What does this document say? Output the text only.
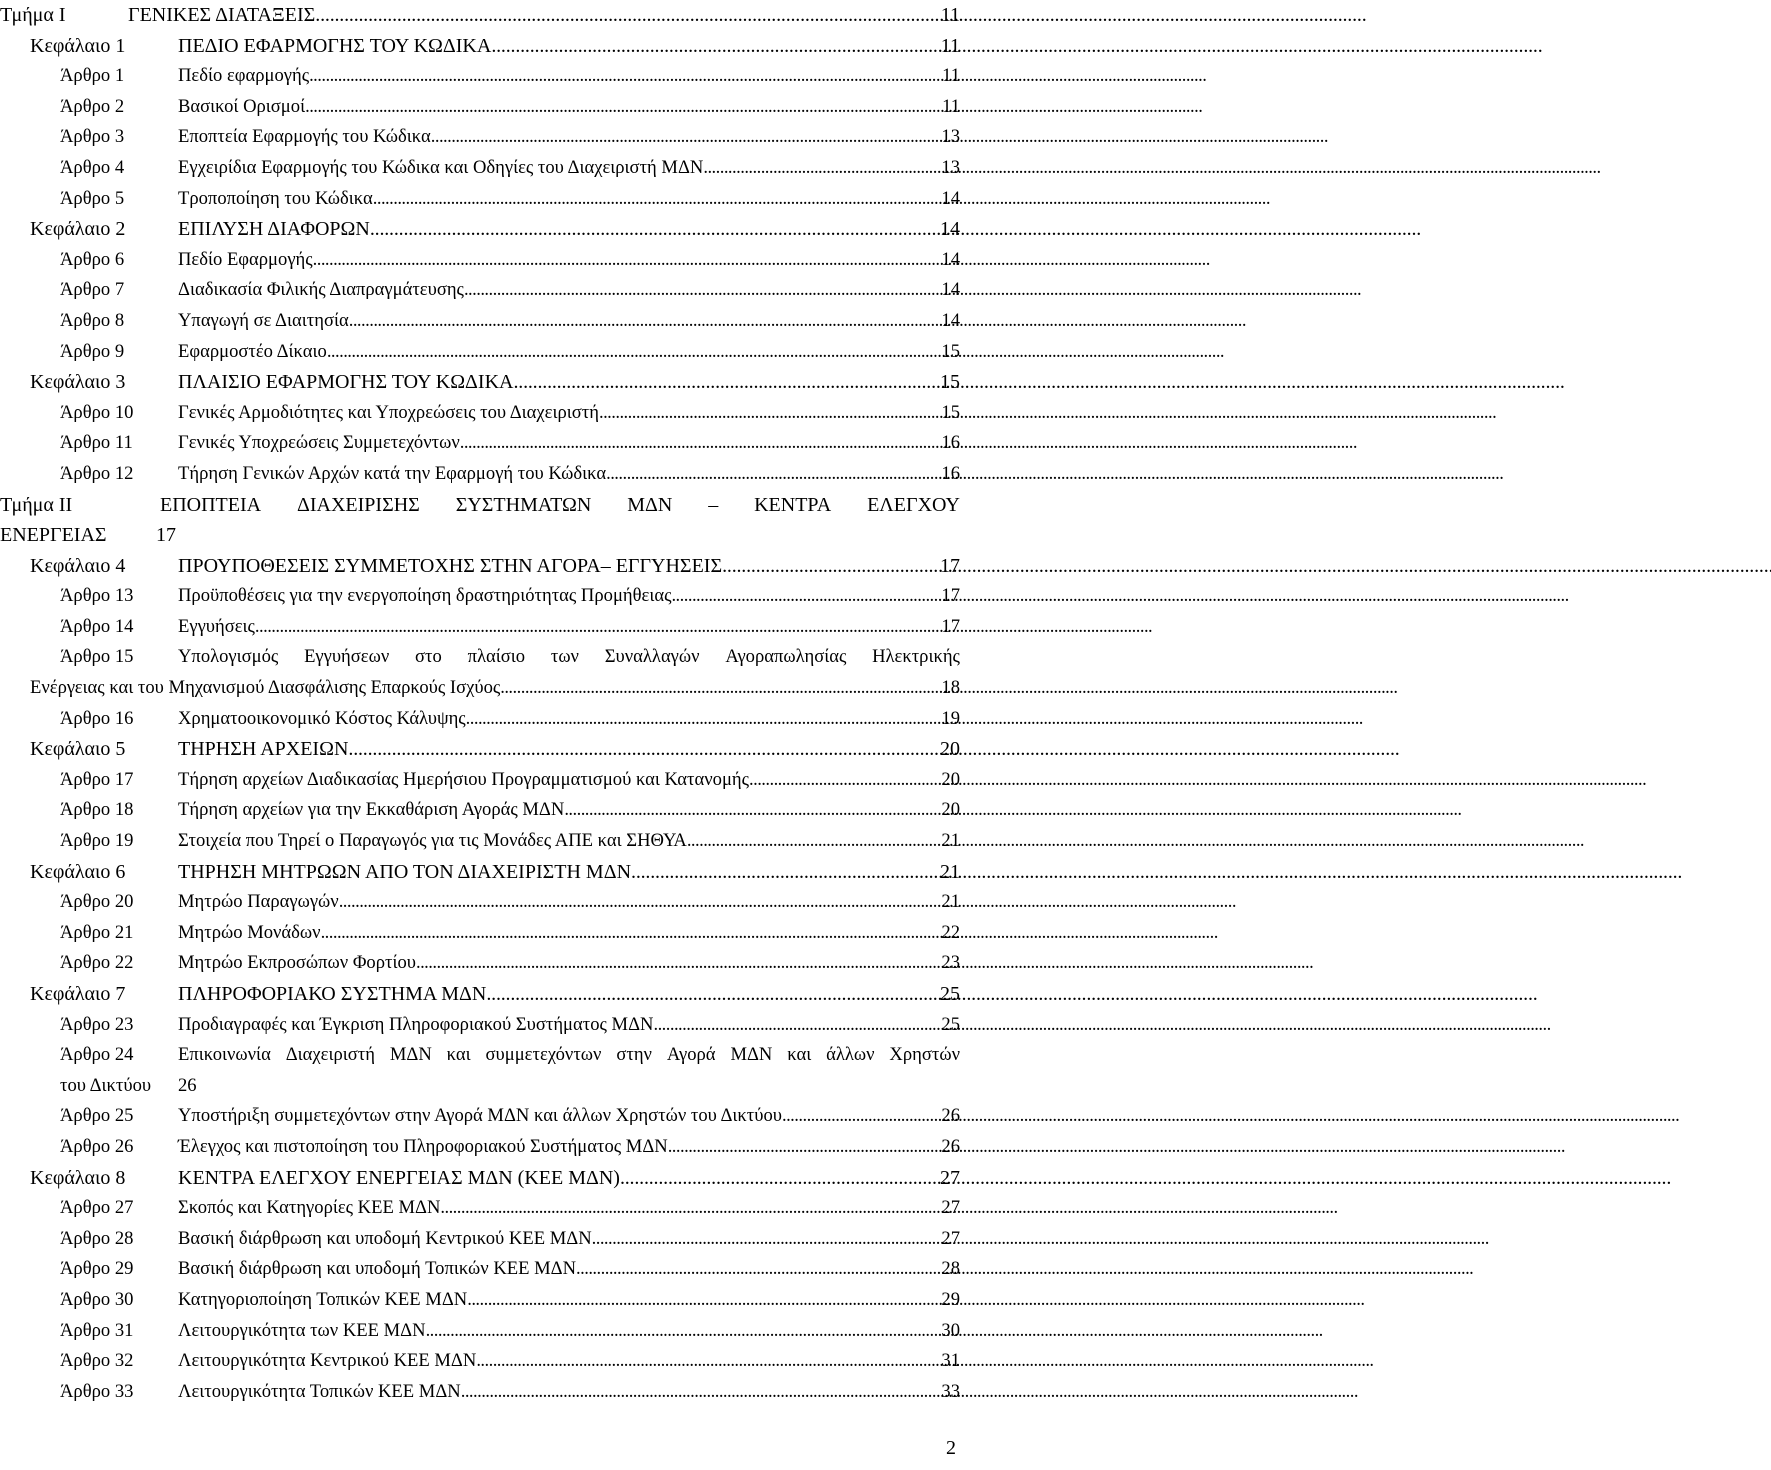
Τμήμα Ι	ΓΕΝΙΚΕΣ ΔΙΑΤΑΞΕΙΣ . . .	11
Κεφάλαιο 1	ΠΕΔΙΟ ΕΦΑΡΜΟΓΗΣ ΤΟΥ ΚΩΔΙΚΑ . . .	11
Άρθρο 1	Πεδίο εφαρμογής . . .	11
Άρθρο 2	Βασικοί Ορισμοί . . .	11
Άρθρο 3	Εποπτεία Εφαρμογής του Κώδικα . . .	13
Άρθρο 4	Εγχειρίδια Εφαρμογής του Κώδικα και Οδηγίες του Διαχειριστή ΜΔΝ . . .	13
Άρθρο 5	Τροποποίηση του Κώδικα . . .	14
Κεφάλαιο 2	ΕΠΙΛΥΣΗ ΔΙΑΦΟΡΩΝ . . .	14
Άρθρο 6	Πεδίο Εφαρμογής . . .	14
Άρθρο 7	Διαδικασία Φιλικής Διαπραγμάτευσης . . .	14
Άρθρο 8	Υπαγωγή σε Διαιτησία . . .	14
Άρθρο 9	Εφαρμοστέο Δίκαιο . . .	15
Κεφάλαιο 3	ΠΛΑΙΣΙΟ ΕΦΑΡΜΟΓΗΣ ΤΟΥ ΚΩΔΙΚΑ . . .	15
Άρθρο 10 Γενικές Αρμοδιότητες και Υποχρεώσεις του Διαχειριστή . . .	15
Άρθρο 11 Γενικές Υποχρεώσεις Συμμετεχόντων . . .	16
Άρθρο 12 Τήρηση Γενικών Αρχών κατά την Εφαρμογή του Κώδικα . . .	16
Τμήμα ΙΙ	ΕΠΟΠΤΕΙΑ ΔΙΑΧΕΙΡΙΣΗΣ ΣΥΣΤΗΜΑΤΩΝ ΜΔΝ – ΚΕΝΤΡΑ ΕΛΕΓΧΟΥ
ΕΝΕΡΓΕΙΑΣ 17
Κεφάλαιο 4	ΠΡΟΥΠΟΘΕΣΕΙΣ ΣΥΜΜΕΤΟΧΗΣ ΣΤΗΝ ΑΓΟΡΑ– ΕΓΓΥΗΣΕΙΣ . . .	17
Άρθρο 13 Προϋποθέσεις για την ενεργοποίηση δραστηριότητας Προμήθειας . . .	17
Άρθρο 14 Εγγυήσεις . . .	17
Άρθρο 15 Υπολογισμός Εγγυήσεων στο πλαίσιο των Συναλλαγών Αγοραπωλησίας Ηλεκτρικής
Ενέργειας και του Μηχανισμού Διασφάλισης Επαρκούς Ισχύος . . .	18
Άρθρο 16 Χρηματοοικονομικό Κόστος Κάλυψης . . .	19
Κεφάλαιο 5	ΤΗΡΗΣΗ ΑΡΧΕΙΩΝ . . .	20
Άρθρο 17 Τήρηση αρχείων Διαδικασίας Ημερήσιου Προγραμματισμού και Κατανομής . . .	20
Άρθρο 18 Τήρηση αρχείων για την Εκκαθάριση Αγοράς ΜΔΝ . . .	20
Άρθρο 19 Στοιχεία που Τηρεί ο Παραγωγός για τις Μονάδες ΑΠΕ και ΣΗΘΥΑ . . .	21
Κεφάλαιο 6	ΤΗΡΗΣΗ ΜΗΤΡΩΩΝ ΑΠΟ ΤΟΝ ΔΙΑΧΕΙΡΙΣΤΗ ΜΔΝ . . .	21
Άρθρο 20 Μητρώο Παραγωγών . . .	21
Άρθρο 21 Μητρώο Μονάδων . . .	22
Άρθρο 22 Μητρώο Εκπροσώπων Φορτίου . . .	23
Κεφάλαιο 7	ΠΛΗΡΟΦΟΡΙΑΚΟ ΣΥΣΤΗΜΑ ΜΔΝ . . .	25
Άρθρο 23 Προδιαγραφές και Έγκριση Πληροφοριακού Συστήματος ΜΔΝ . . .	25
Άρθρο 24 Επικοινωνία Διαχειριστή ΜΔΝ και συμμετεχόντων στην Αγορά ΜΔΝ και άλλων Χρηστών
του Δικτύου 26
Άρθρο 25 Υποστήριξη συμμετεχόντων στην Αγορά ΜΔΝ και άλλων Χρηστών του Δικτύου . . .	26
Άρθρο 26 Έλεγχος και πιστοποίηση του Πληροφοριακού Συστήματος ΜΔΝ . . .	26
Κεφάλαιο 8	ΚΕΝΤΡΑ ΕΛΕΓΧΟΥ ΕΝΕΡΓΕΙΑΣ ΜΔΝ (ΚΕΕ ΜΔΝ) . . .	27
Άρθρο 27 Σκοπός και Κατηγορίες ΚΕΕ ΜΔΝ . . .	27
Άρθρο 28 Βασική διάρθρωση και υποδομή Κεντρικού ΚΕΕ ΜΔΝ . . .	27
Άρθρο 29 Βασική διάρθρωση και υποδομή Τοπικών ΚΕΕ ΜΔΝ . . .	28
Άρθρο 30 Κατηγοριοποίηση Τοπικών ΚΕΕ ΜΔΝ . . .	29
Άρθρο 31 Λειτουργικότητα των ΚΕΕ ΜΔΝ . . .	30
Άρθρο 32 Λειτουργικότητα Κεντρικού ΚΕΕ ΜΔΝ . . .	31
Άρθρο 33 Λειτουργικότητα Τοπικών ΚΕΕ ΜΔΝ . . .	33
2
